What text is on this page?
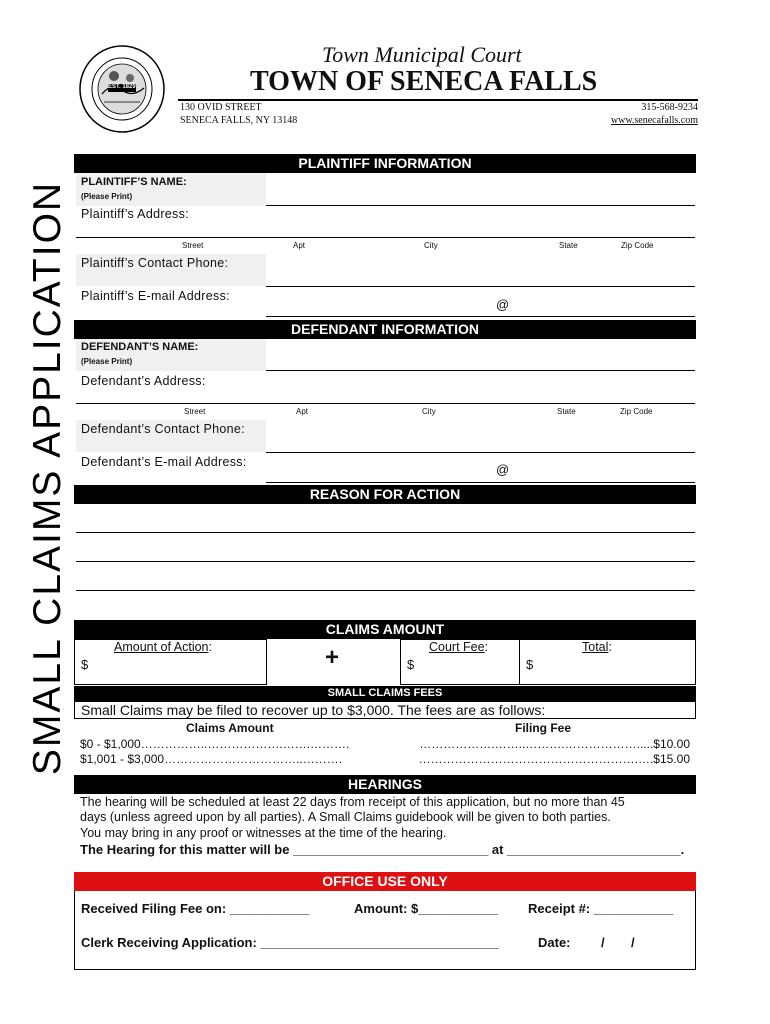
SMALL CLAIMS APPLICATION
EST. 1829
Town Municipal Court
TOWN OF SENECA FALLS
130 OVID STREET
SENECA FALLS, NY 13148
315-568-9234
www.senecafalls.com
PLAINTIFF INFORMATION
PLAINTIFF’S NAME:
(Please Print)
Plaintiff’s Address:
Street	Apt	City	State	Zip Code
Plaintiff’s Contact Phone:
Plaintiff’s E-mail Address:
@
DEFENDANT INFORMATION
DEFENDANT’S NAME:
(Please Print)
Defendant’s Address:
Street	Apt	City	State	Zip Code
Defendant’s Contact Phone:
Defendant’s E-mail Address:	@
REASON FOR ACTION
CLAIMS AMOUNT
Amount of Action:	Court Fee:	Total:
$	+	$	$
SMALL CLAIMS FEES
Small Claims may be filed to recover up to $3,000. The fees are as follows:
Claims Amount	Filing Fee
$0 - $1,000……………..……………….…….……….	……………….……..……….……………….....$10.00
$1,001 - $3,000……………………………..……….	……………………………………………….….$15.00
HEARINGS
The hearing will be scheduled at least 22 days from receipt of this application, but no more than 45
days (unless agreed upon by all parties). A Small Claims guidebook will be given to both parties.
You may bring in any proof or witnesses at the time of the hearing.
The Hearing for this matter will be ___________________________ at ________________________.
OFFICE USE ONLY
Received Filing Fee on: ___________	Amount: $___________ Receipt #: ___________
Clerk Receiving Application: _________________________________	Date: / /
